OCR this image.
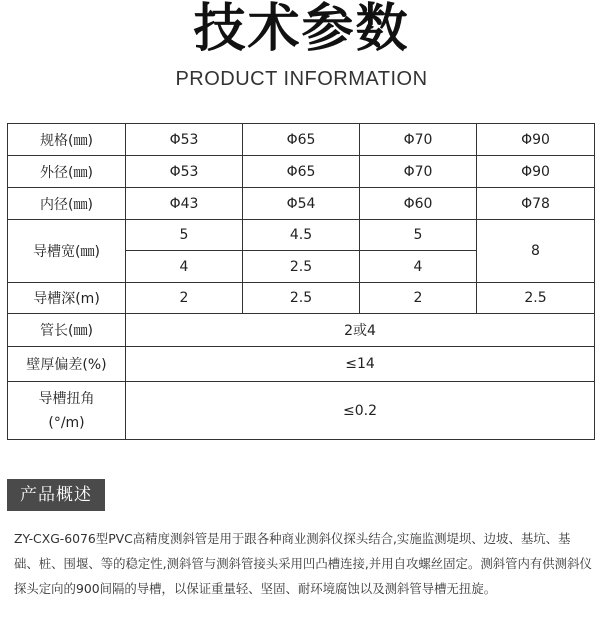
技术参数
PRODUCT INFORMATION
规格(㎜)	Φ53	Φ65	Φ70	Φ90
外径(㎜)	Φ53	Φ65	Φ70	Φ90
内径(㎜)	Φ43	Φ54	Φ60	Φ78
导槽宽(㎜)	5	4.5	5	8
	4	2.5	4	
导槽深(m)	2	2.5	2	2.5
管长(㎜)	2或4			
壁厚偏差(%)	≤14			

导槽扭角
(°/m)	≤0.2			
产品概述

ZY-CXG-6076型PVC高精度测斜管是用于跟各种商业测斜仪探头结合,实施监测堤坝、边坡、基坑、基础、桩、围堰、等的稳定性,测斜管与测斜管接头采用凹凸槽连接,并用自攻螺丝固定。测斜管内有供测斜仪探头定向的900间隔的导槽，以保证重量轻、坚固、耐环境腐蚀以及测斜管导槽无扭旋。
